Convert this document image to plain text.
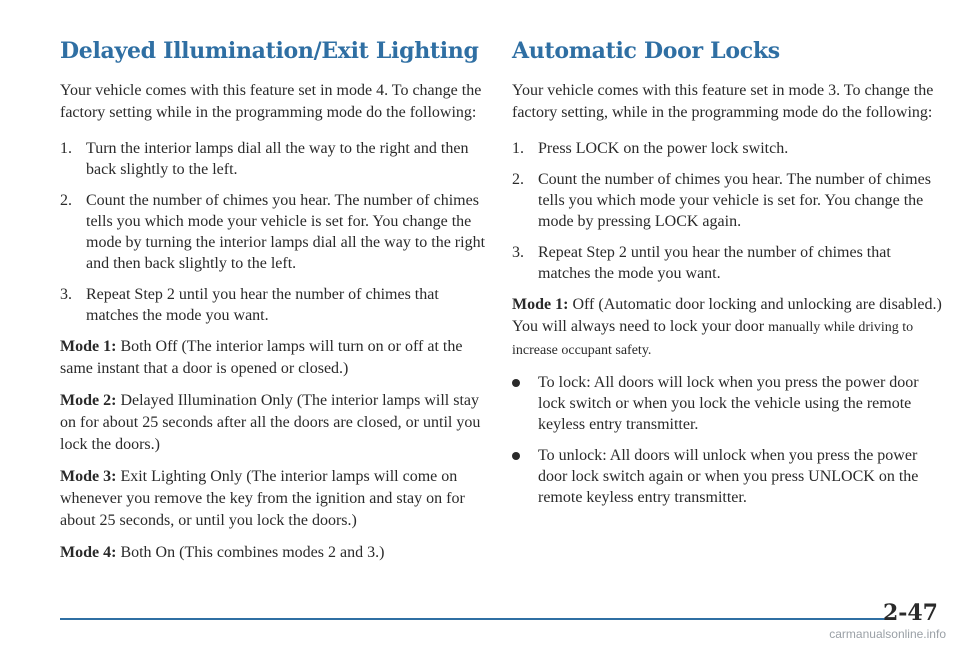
Delayed Illumination/Exit Lighting

Your vehicle comes with this feature set in mode 4. To change the factory setting while in the programming mode do the following:

1. Turn the interior lamps dial all the way to the right and then back slightly to the left.
2. Count the number of chimes you hear. The number of chimes tells you which mode your vehicle is set for. You change the mode by turning the interior lamps dial all the way to the right and then back slightly to the left.
3. Repeat Step 2 until you hear the number of chimes that matches the mode you want.

Mode 1: Both Off (The interior lamps will turn on or off at the same instant that a door is opened or closed.)

Mode 2: Delayed Illumination Only (The interior lamps will stay on for about 25 seconds after all the doors are closed, or until you lock the doors.)

Mode 3: Exit Lighting Only (The interior lamps will come on whenever you remove the key from the ignition and stay on for about 25 seconds, or until you lock the doors.)

Mode 4: Both On (This combines modes 2 and 3.)

Automatic Door Locks

Your vehicle comes with this feature set in mode 3. To change the factory setting, while in the programming mode do the following:

1. Press LOCK on the power lock switch.
2. Count the number of chimes you hear. The number of chimes tells you which mode your vehicle is set for. You change the mode by pressing LOCK again.
3. Repeat Step 2 until you hear the number of chimes that matches the mode you want.

Mode 1: Off (Automatic door locking and unlocking are disabled.) You will always need to lock your door manually while driving to increase occupant safety.

To lock: All doors will lock when you press the power door lock switch or when you lock the vehicle using the remote keyless entry transmitter.
To unlock: All doors will unlock when you press the power door lock switch again or when you press UNLOCK on the remote keyless entry transmitter.
2-47
carmanualsonline.info
